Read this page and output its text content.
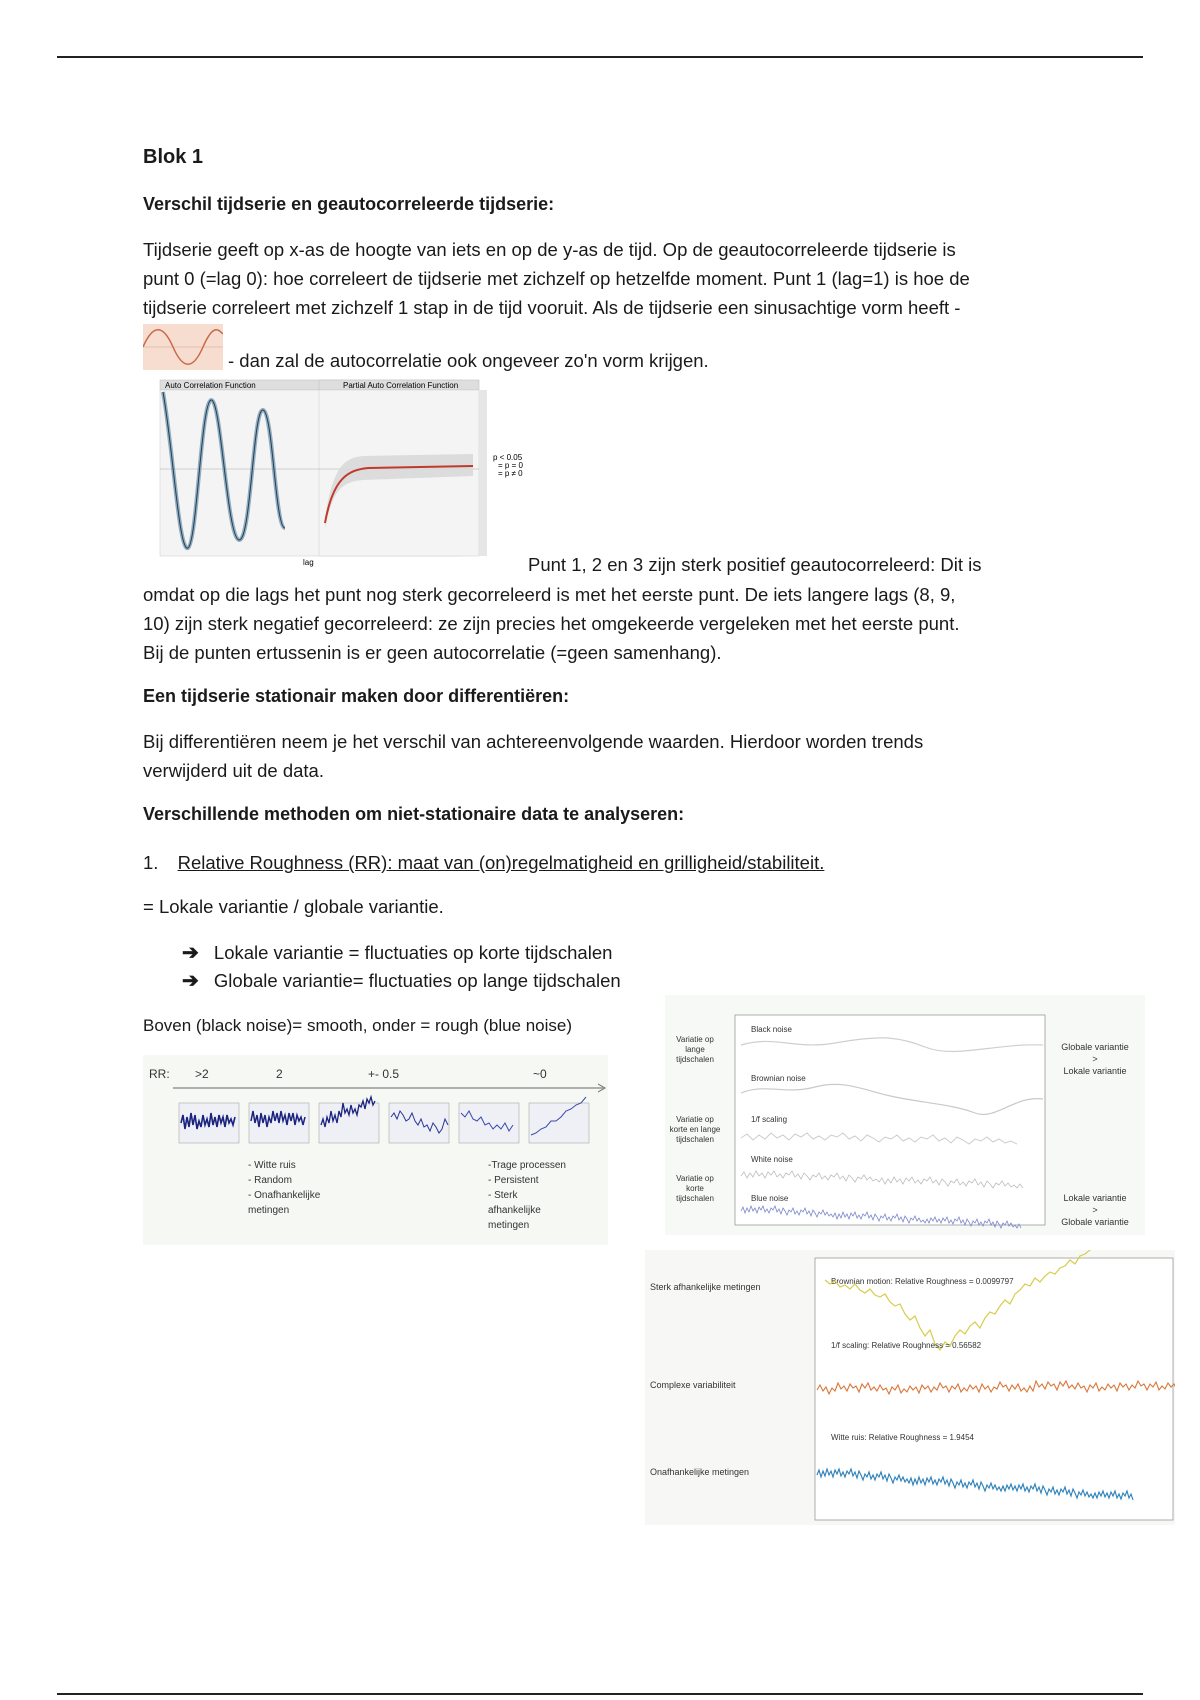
Blok 1
Verschil tijdserie en geautocorreleerde tijdserie:
Tijdserie geeft op x-as de hoogte van iets en op de y-as de tijd. Op de geautocorreleerde tijdserie is
punt 0 (=lag 0): hoe correleert de tijdserie met zichzelf op hetzelfde moment. Punt 1 (lag=1) is hoe de
tijdserie correleert met zichzelf 1 stap in de tijd vooruit. Als de tijdserie een sinusachtige vorm heeft -
- dan zal de autocorrelatie ook ongeveer zo'n vorm krijgen.
Auto Correlation Function	Partial Auto Correlation Function
lag
p < 0.05
= p = 0
= p ≠ 0
Punt 1, 2 en 3 zijn sterk positief geautocorreleerd: Dit is
omdat op die lags het punt nog sterk gecorreleerd is met het eerste punt. De iets langere lags (8, 9,
10) zijn sterk negatief gecorreleerd: ze zijn precies het omgekeerde vergeleken met het eerste punt.
Bij de punten ertussenin is er geen autocorrelatie (=geen samenhang).
Een tijdserie stationair maken door differentiëren:
Bij differentiëren neem je het verschil van achtereenvolgende waarden. Hierdoor worden trends
verwijderd uit de data.
Verschillende methoden om niet-stationaire data te analyseren:
1. Relative Roughness (RR): maat van (on)regelmatigheid en grilligheid/stabiliteit.
= Lokale variantie / globale variantie.
➔ Lokale variantie = fluctuaties op korte tijdschalen
➔ Globale variantie= fluctuaties op lange tijdschalen
Boven (black noise)= smooth, onder = rough (blue noise)
RR: >2	2	+- 0.5	~0
- Witte ruis
- Random
- Onafhankelijke
metingen
-Trage processen
- Persistent
- Sterk
afhankelijke
metingen
Variatie op
lange
tijdschalen
Variatie op
korte en lange
tijdschalen
Variatie op
korte
tijdschalen
Black noise
Brownian noise
1/f scaling
White noise
Blue noise
Globale variantie
>
Lokale variantie
Lokale variantie
>
Globale variantie
Sterk afhankelijke metingen
Complexe variabiliteit
Onafhankelijke metingen
Brownian motion: Relative Roughness = 0.0099797
1/f scaling: Relative Roughness = 0.56582
Witte ruis: Relative Roughness = 1.9454
